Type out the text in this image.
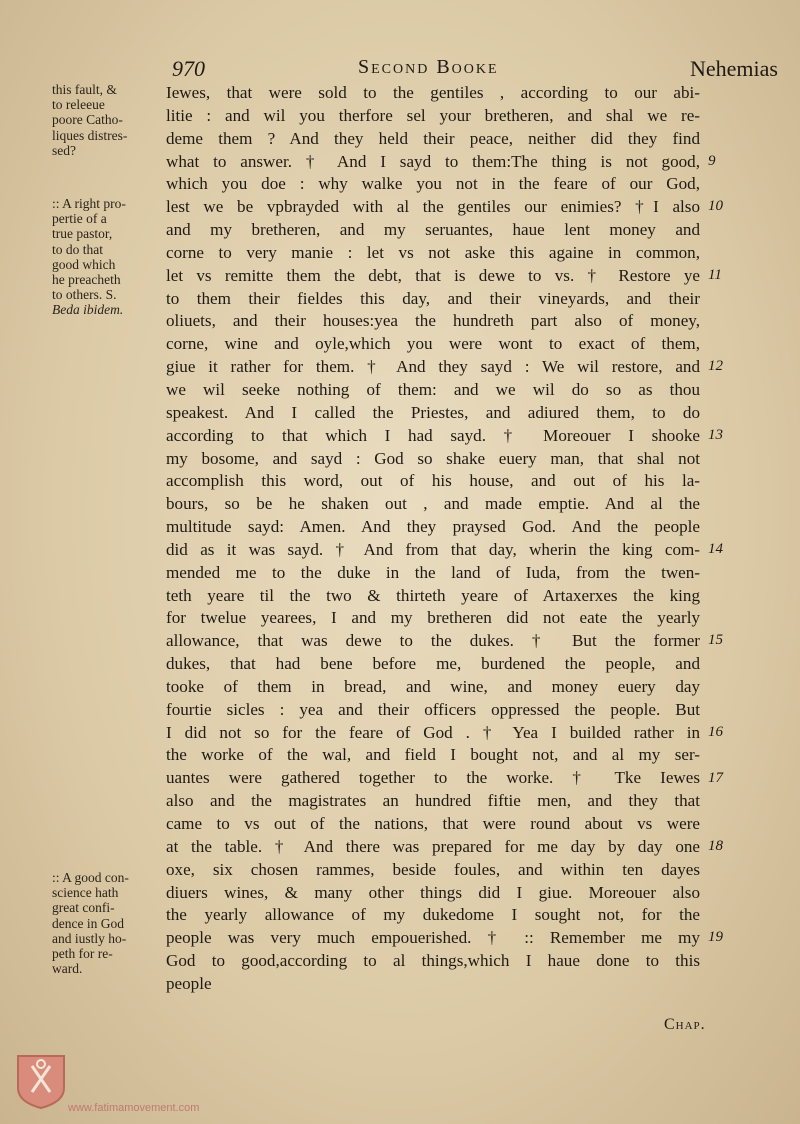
970	Second Booke	Nehemias
this fault, &
to releeue
poore Catho-
liques distres-
sed?
:: A right pro-
pertie of a
true pastor,
to do that
good which
he preacheth
to others. S.
Beda ibidem.
:: A good con-
science hath
great confi-
dence in God
and iustly ho-
peth for re-
ward.
Iewes, that were sold to the gentiles , according to our abi-
litie : and wil you therfore sel your bretheren, and shal we re-
deme them ? And they held their peace, neither did they find
what to answer. † And I sayd to them:The thing is not good,
which you doe : why walke you not in the feare of our God,
lest we be vpbrayded with al the gentiles our enimies? †I also
and my bretheren, and my seruantes, haue lent money and
corne to very manie : let vs not aske this againe in common,
let vs remitte them the debt, that is dewe to vs. † Restore ye
to them their fieldes this day, and their vineyards, and their
oliuets, and their houses:yea the hundreth part also of money,
corne, wine and oyle,which you were wont to exact of them,
giue it rather for them. † And they sayd : We wil restore, and
we wil seeke nothing of them: and we wil do so as thou
speakest. And I called the Priestes, and adiured them, to do
according to that which I had sayd. † Moreouer I shooke
my bosome, and sayd : God so shake euery man, that shal not
accomplish this word, out of his house, and out of his la-
bours, so be he shaken out , and made emptie. And al the
multitude sayd: Amen. And they praysed God. And the people
did as it was sayd. † And from that day, wherin the king com-
mended me to the duke in the land of Iuda, from the twen-
teth yeare til the two & thirteth yeare of Artaxerxes the king
for twelue yearees, I and my bretheren did not eate the yearly
allowance, that was dewe to the dukes. † But the former
dukes, that had bene before me, burdened the people, and
tooke of them in bread, and wine, and money euery day
fourtie sicles : yea and their officers oppressed the people. But
I did not so for the feare of God . † Yea I builded rather in
the worke of the wal, and field I bought not, and al my ser-
uantes were gathered together to the worke. † Tke Iewes
also and the magistrates an hundred fiftie men, and they that
came to vs out of the nations, that were round about vs were
at the table. † And there was prepared for me day by day one
oxe, six chosen rammes, beside foules, and within ten dayes
diuers wines, & many other things did I giue. Moreouer also
the yearly allowance of my dukedome I sought not, for the
people was very much empouerished. † :: Remember me my
God to good,according to al things,which I haue done to this
people
9
10
11
12
13
14
15
16
17
18
19
Chap.
www.fatimamovement.com
